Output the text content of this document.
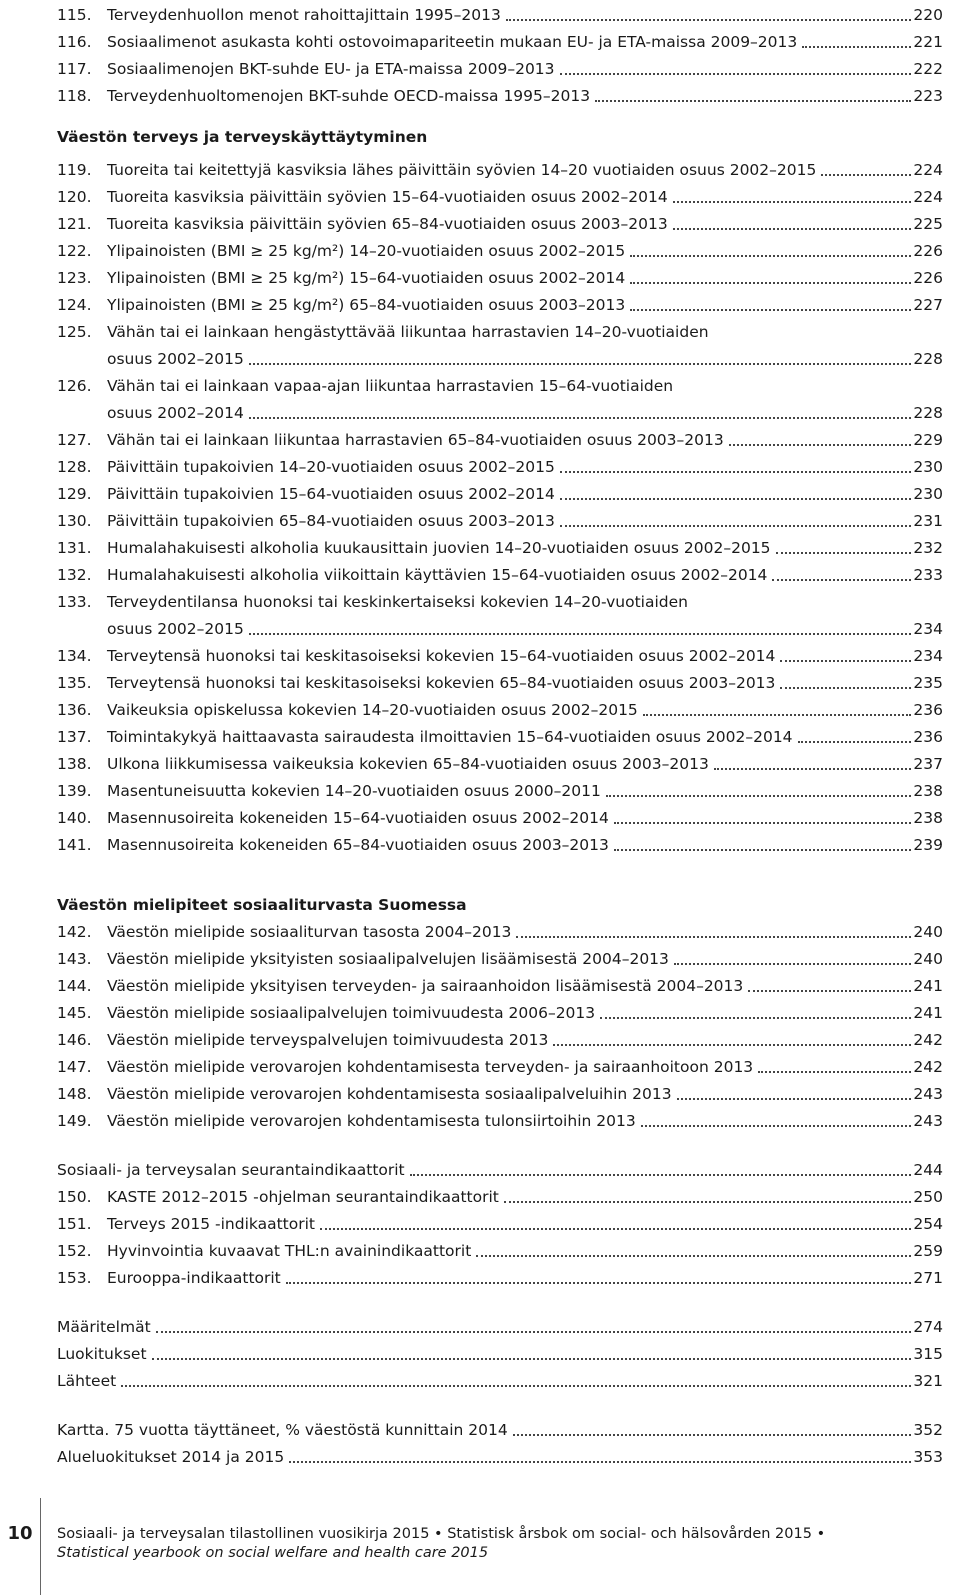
115. Terveydenhuollon menot rahoittajittain 1995–2013	220
116. Sosiaalimenot asukasta kohti ostovoimapariteetin mukaan EU- ja ETA-maissa 2009–2013	221
117. Sosiaalimenojen BKT-suhde EU- ja ETA-maissa 2009–2013	222
118. Terveydenhuoltomenojen BKT-suhde OECD-maissa 1995–2013	223
Väestön terveys ja terveyskäyttäytyminen
119. Tuoreita tai keitettyjä kasviksia lähes päivittäin syövien 14–20 vuotiaiden osuus 2002–2015	224
120. Tuoreita kasviksia päivittäin syövien 15–64-vuotiaiden osuus 2002–2014	224
121. Tuoreita kasviksia päivittäin syövien 65–84-vuotiaiden osuus 2003–2013	225
122. Ylipainoisten (BMI ≥ 25 kg/m²) 14–20-vuotiaiden osuus 2002–2015	226
123. Ylipainoisten (BMI ≥ 25 kg/m²) 15–64-vuotiaiden osuus 2002–2014	226
124. Ylipainoisten (BMI ≥ 25 kg/m²) 65–84-vuotiaiden osuus 2003–2013	227
125. Vähän tai ei lainkaan hengästyttävää liikuntaa harrastavien 14–20-vuotiaiden
osuus 2002–2015	228
126. Vähän tai ei lainkaan vapaa-ajan liikuntaa harrastavien 15–64-vuotiaiden
osuus 2002–2014	228
127. Vähän tai ei lainkaan liikuntaa harrastavien 65–84-vuotiaiden osuus 2003–2013	229
128. Päivittäin tupakoivien 14–20-vuotiaiden osuus 2002–2015	230
129. Päivittäin tupakoivien 15–64-vuotiaiden osuus 2002–2014	230
130. Päivittäin tupakoivien 65–84-vuotiaiden osuus 2003–2013	231
131. Humalahakuisesti alkoholia kuukausittain juovien 14–20-vuotiaiden osuus 2002–2015	232
132. Humalahakuisesti alkoholia viikoittain käyttävien 15–64-vuotiaiden osuus 2002–2014	233
133. Terveydentilansa huonoksi tai keskinkertaiseksi kokevien 14–20-vuotiaiden
osuus 2002–2015	234
134. Terveytensä huonoksi tai keskitasoiseksi kokevien 15–64-vuotiaiden osuus 2002–2014	234
135. Terveytensä huonoksi tai keskitasoiseksi kokevien 65–84-vuotiaiden osuus 2003–2013	235
136. Vaikeuksia opiskelussa kokevien 14–20-vuotiaiden osuus 2002–2015	236
137. Toimintakykyä haittaavasta sairaudesta ilmoittavien 15–64-vuotiaiden osuus 2002–2014	236
138. Ulkona liikkumisessa vaikeuksia kokevien 65–84-vuotiaiden osuus 2003–2013	237
139. Masentuneisuutta kokevien 14–20-vuotiaiden osuus 2000–2011	238
140. Masennusoireita kokeneiden 15–64-vuotiaiden osuus 2002–2014	238
141. Masennusoireita kokeneiden 65–84-vuotiaiden osuus 2003–2013	239
Väestön mielipiteet sosiaaliturvasta Suomessa
142. Väestön mielipide sosiaaliturvan tasosta 2004–2013	240
143. Väestön mielipide yksityisten sosiaalipalvelujen lisäämisestä 2004–2013	240
144. Väestön mielipide yksityisen terveyden- ja sairaanhoidon lisäämisestä 2004–2013	241
145. Väestön mielipide sosiaalipalvelujen toimivuudesta 2006–2013	241
146. Väestön mielipide terveyspalvelujen toimivuudesta 2013	242
147. Väestön mielipide verovarojen kohdentamisesta terveyden- ja sairaanhoitoon 2013	242
148. Väestön mielipide verovarojen kohdentamisesta sosiaalipalveluihin 2013	243
149. Väestön mielipide verovarojen kohdentamisesta tulonsiirtoihin 2013	243
Sosiaali- ja terveysalan seurantaindikaattorit	244
150. KASTE 2012–2015 -ohjelman seurantaindikaattorit	250
151. Terveys 2015 -indikaattorit	254
152. Hyvinvointia kuvaavat THL:n avainindikaattorit	259
153. Eurooppa-indikaattorit	271
Määritelmät	274
Luokitukset	315
Lähteet	321
Kartta. 75 vuotta täyttäneet, % väestöstä kunnittain 2014	352
Alueluokitukset 2014 ja 2015	353
10	Sosiaali- ja terveysalan tilastollinen vuosikirja 2015 • Statistisk årsbok om social- och hälsovården 2015 •
Statistical yearbook on social welfare and health care 2015
